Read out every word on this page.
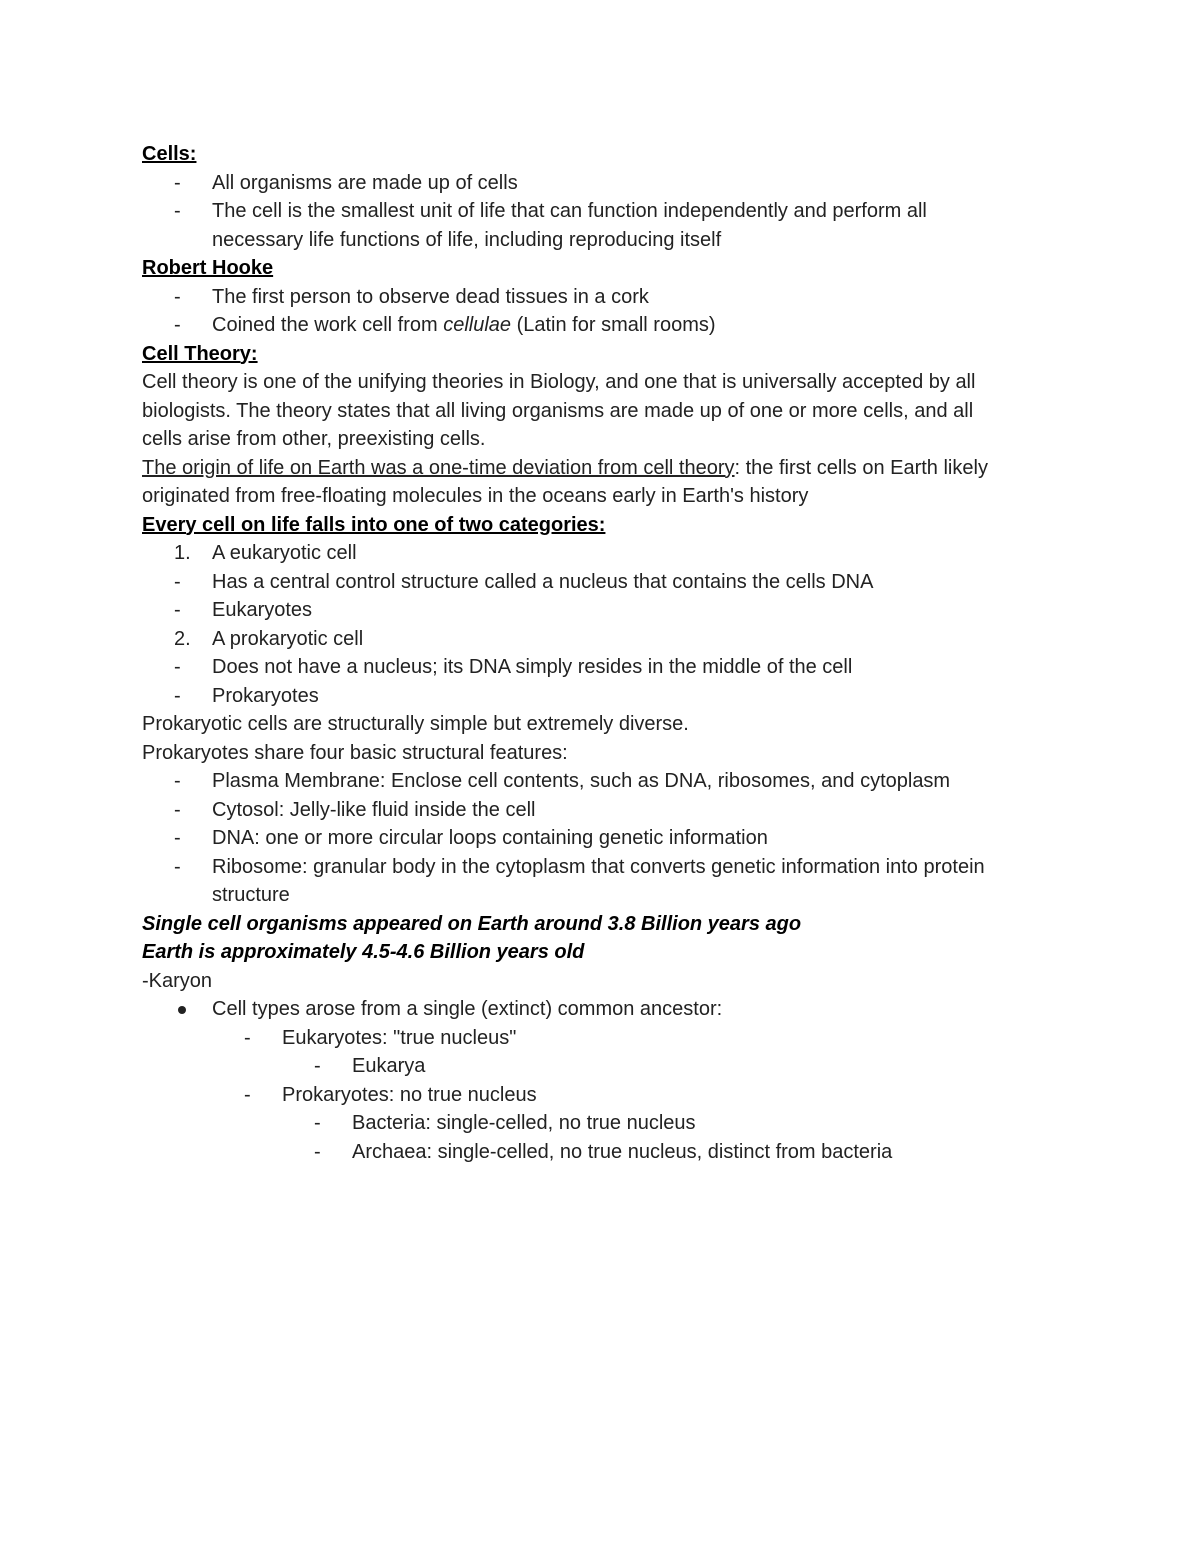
Cells:
- All organisms are made up of cells
- The cell is the smallest unit of life that can function independently and perform all
necessary life functions of life, including reproducing itself
Robert Hooke
- The first person to observe dead tissues in a cork
- Coined the work cell from cellulae (Latin for small rooms)
Cell Theory:
Cell theory is one of the unifying theories in Biology, and one that is universally accepted by all
biologists. The theory states that all living organisms are made up of one or more cells, and all
cells arise from other, preexisting cells.
The origin of life on Earth was a one-time deviation from cell theory: the first cells on Earth likely
originated from free-floating molecules in the oceans early in Earth's history
Every cell on life falls into one of two categories:
1. A eukaryotic cell
- Has a central control structure called a nucleus that contains the cells DNA
- Eukaryotes
2. A prokaryotic cell
- Does not have a nucleus; its DNA simply resides in the middle of the cell
- Prokaryotes
Prokaryotic cells are structurally simple but extremely diverse.
Prokaryotes share four basic structural features:
- Plasma Membrane: Enclose cell contents, such as DNA, ribosomes, and cytoplasm
- Cytosol: Jelly-like fluid inside the cell
- DNA: one or more circular loops containing genetic information
- Ribosome: granular body in the cytoplasm that converts genetic information into protein
structure
Single cell organisms appeared on Earth around 3.8 Billion years ago
Earth is approximately 4.5-4.6 Billion years old
-Karyon
Cell types arose from a single (extinct) common ancestor:
- Eukaryotes: "true nucleus"
- Eukarya
- Prokaryotes: no true nucleus
- Bacteria: single-celled, no true nucleus
- Archaea: single-celled, no true nucleus, distinct from bacteria
